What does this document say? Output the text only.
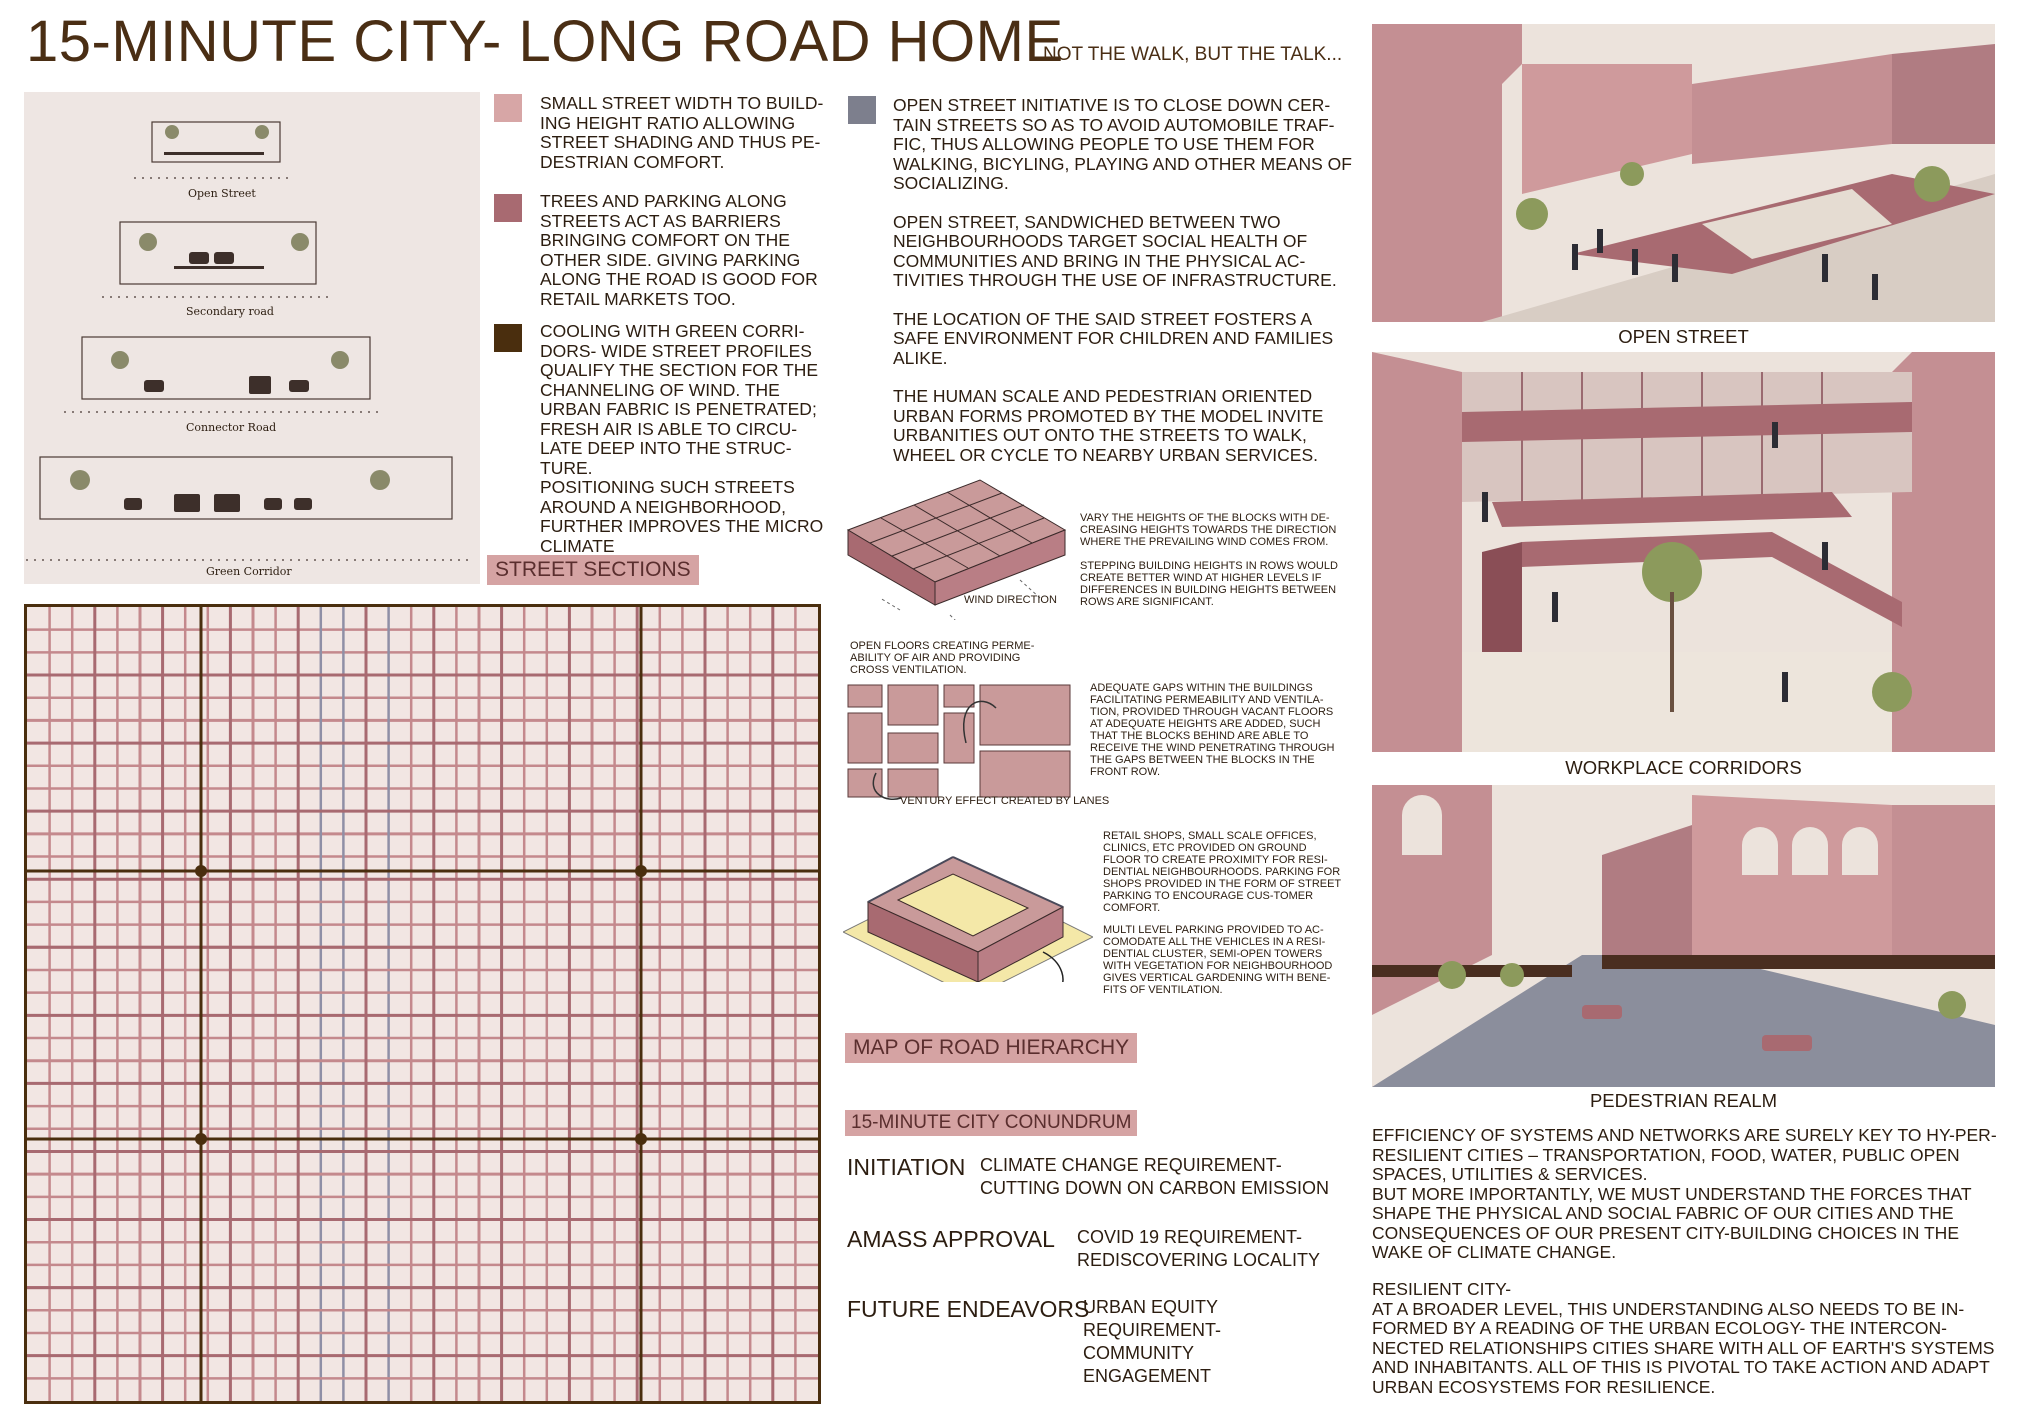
15-MINUTE CITY- LONG ROAD HOME
NOT THE WALK, BUT THE TALK...
Open Street
Secondary road
Connector Road
Green Corridor
SMALL STREET WIDTH TO BUILD-ING HEIGHT RATIO ALLOWING STREET SHADING AND THUS PE-DESTRIAN COMFORT.
TREES AND PARKING ALONG STREETS ACT AS BARRIERS BRINGING COMFORT ON THE OTHER SIDE. GIVING PARKING ALONG THE ROAD IS GOOD FOR RETAIL MARKETS TOO.
COOLING WITH GREEN CORRI-DORS- WIDE STREET PROFILES QUALIFY THE SECTION FOR THE CHANNELING OF WIND. THE URBAN FABRIC IS PENETRATED; FRESH AIR IS ABLE TO CIRCU-LATE DEEP INTO THE STRUC-TURE.
POSITIONING SUCH STREETS AROUND A NEIGHBORHOOD, FURTHER IMPROVES THE MICRO CLIMATE
STREET SECTIONS
OPEN STREET INITIATIVE IS TO CLOSE DOWN CER-TAIN STREETS SO AS TO AVOID AUTOMOBILE TRAF-FIC, THUS ALLOWING PEOPLE TO USE THEM FOR WALKING, BICYLING, PLAYING AND OTHER MEANS OF SOCIALIZING.
OPEN STREET, SANDWICHED BETWEEN TWO NEIGHBOURHOODS TARGET SOCIAL HEALTH OF COMMUNITIES AND BRING IN THE PHYSICAL AC-TIVITIES THROUGH THE USE OF INFRASTRUCTURE.
THE LOCATION OF THE SAID STREET FOSTERS A SAFE ENVIRONMENT FOR CHILDREN AND FAMILIES ALIKE.
THE HUMAN SCALE AND PEDESTRIAN ORIENTED URBAN FORMS PROMOTED BY THE MODEL INVITE URBANITIES OUT ONTO THE STREETS TO WALK, WHEEL OR CYCLE TO NEARBY URBAN SERVICES.
VARY THE HEIGHTS OF THE BLOCKS WITH DE-CREASING HEIGHTS TOWARDS THE DIRECTION WHERE THE PREVAILING WIND COMES FROM.
STEPPING BUILDING HEIGHTS IN ROWS WOULD CREATE BETTER WIND AT HIGHER LEVELS IF DIFFERENCES IN BUILDING HEIGHTS BETWEEN ROWS ARE SIGNIFICANT.
WIND DIRECTION
OPEN FLOORS CREATING PERME-ABILITY OF AIR AND PROVIDING CROSS VENTILATION.
ADEQUATE GAPS WITHIN THE BUILDINGS FACILITATING PERMEABILITY AND VENTILA-TION, PROVIDED THROUGH VACANT FLOORS AT ADEQUATE HEIGHTS ARE ADDED, SUCH THAT THE BLOCKS BEHIND ARE ABLE TO RECEIVE THE WIND PENETRATING THROUGH THE GAPS BETWEEN THE BLOCKS IN THE FRONT ROW.
VENTURY EFFECT CREATED BY LANES
RETAIL SHOPS, SMALL SCALE OFFICES, CLINICS, ETC PROVIDED ON GROUND FLOOR TO CREATE PROXIMITY FOR RESI-DENTIAL NEIGHBOURHOODS. PARKING FOR SHOPS PROVIDED IN THE FORM OF STREET PARKING TO ENCOURAGE CUS-TOMER COMFORT.
MULTI LEVEL PARKING PROVIDED TO AC-COMODATE ALL THE VEHICLES IN A RESI-DENTIAL CLUSTER, SEMI-OPEN TOWERS WITH VEGETATION FOR NEIGHBOURHOOD GIVES VERTICAL GARDENING WITH BENE-FITS OF VENTILATION.
MAP OF ROAD HIERARCHY
15-MINUTE CITY CONUNDRUM
INITIATION CLIMATE CHANGE REQUIREMENT- CUTTING DOWN ON CARBON EMISSION
AMASS APPROVAL COVID 19 REQUIREMENT- REDISCOVERING LOCALITY
FUTURE ENDEAVORS
URBAN EQUITY REQUIREMENT- COMMUNITY ENGAGEMENT
OPEN STREET
WORKPLACE CORRIDORS
PEDESTRIAN REALM
EFFICIENCY OF SYSTEMS AND NETWORKS ARE SURELY KEY TO HY-PER-RESILIENT CITIES – TRANSPORTATION, FOOD, WATER, PUBLIC OPEN SPACES, UTILITIES & SERVICES.
BUT MORE IMPORTANTLY, WE MUST UNDERSTAND THE FORCES THAT SHAPE THE PHYSICAL AND SOCIAL FABRIC OF OUR CITIES AND THE CONSEQUENCES OF OUR PRESENT CITY-BUILDING CHOICES IN THE WAKE OF CLIMATE CHANGE.
RESILIENT CITY-
AT A BROADER LEVEL, THIS UNDERSTANDING ALSO NEEDS TO BE IN-FORMED BY A READING OF THE URBAN ECOLOGY- THE INTERCON-NECTED RELATIONSHIPS CITIES SHARE WITH ALL OF EARTH'S SYSTEMS AND INHABITANTS. ALL OF THIS IS PIVOTAL TO TAKE ACTION AND ADAPT URBAN ECOSYSTEMS FOR RESILIENCE.
